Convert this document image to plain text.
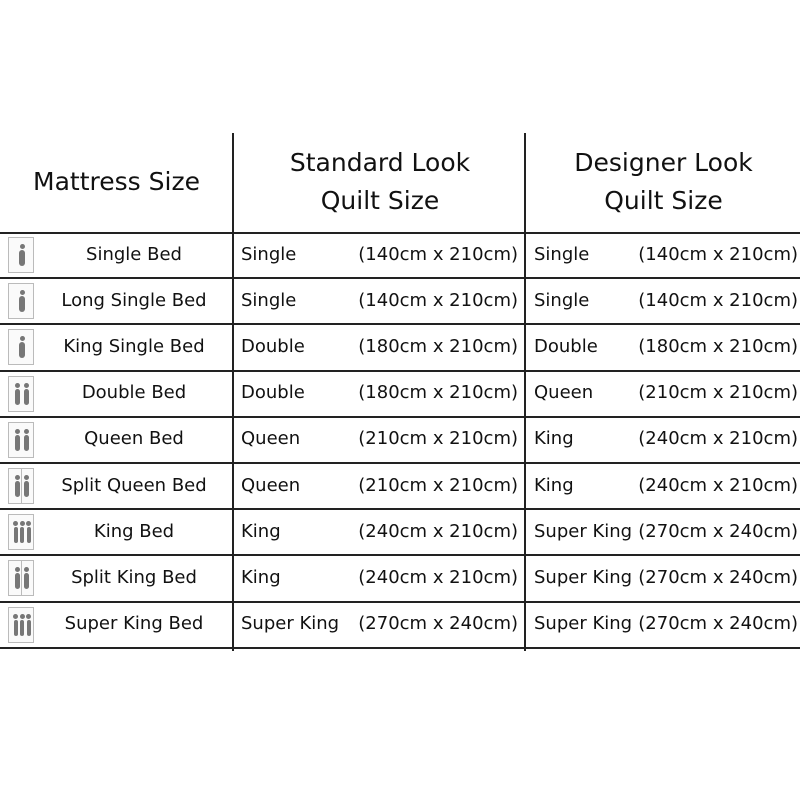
Mattress Size
Standard Look
Quilt Size
Designer Look
Quilt Size
Single Bed	Single	(140cm x 210cm) Single	(140cm x 210cm)
Long Single Bed	Single	(140cm x 210cm) Single	(140cm x 210cm)
King Single Bed	Double	(180cm x 210cm) Double	(180cm x 210cm)
Double Bed	Double	(180cm x 210cm) Queen	(210cm x 210cm)
Queen Bed	Queen	(210cm x 210cm) King	(240cm x 210cm)
Split Queen Bed	Queen	(210cm x 210cm) King	(240cm x 210cm)
King Bed	King	(240cm x 210cm) Super King (270cm x 240cm)
Split King Bed	King	(240cm x 210cm) Super King (270cm x 240cm)
Super King Bed	Super King	(270cm x 240cm) Super King (270cm x 240cm)
